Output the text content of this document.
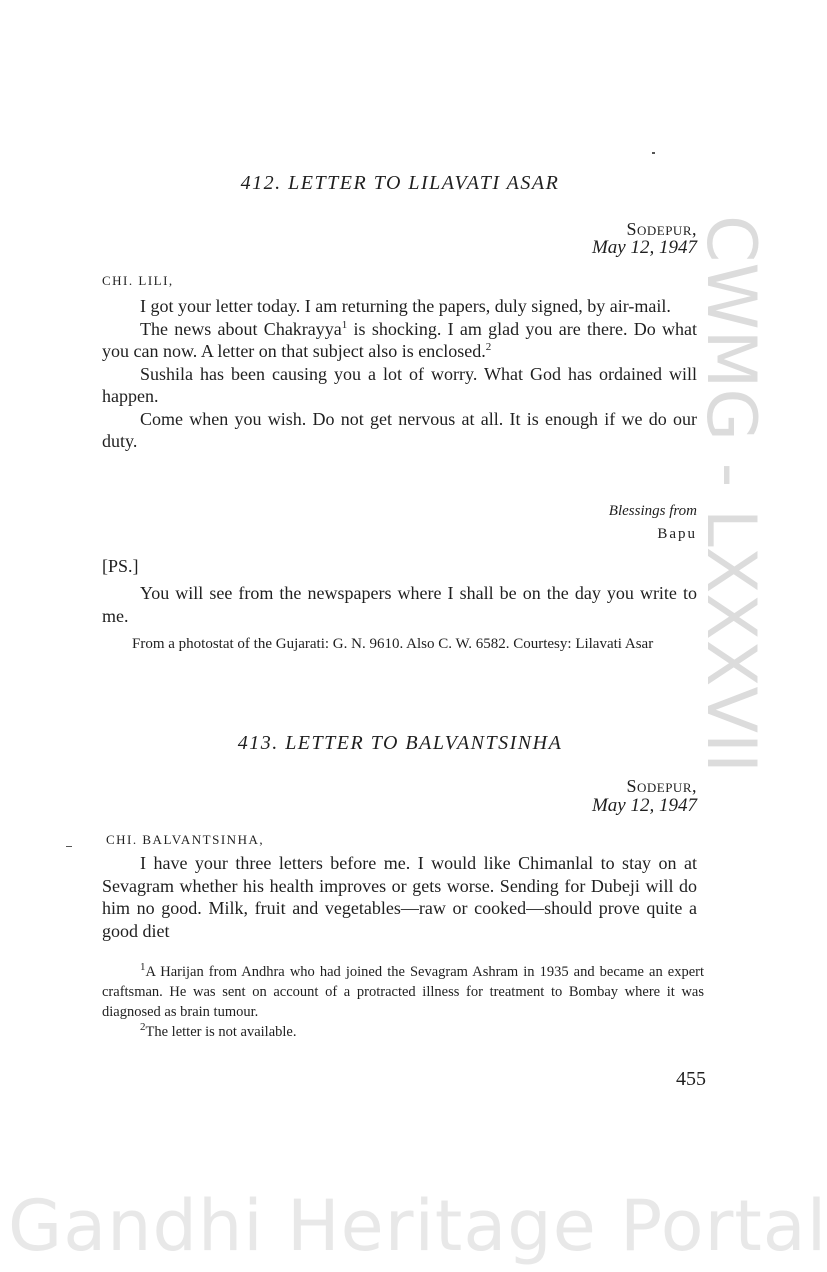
CWMG - LXXXVII
412. LETTER TO LILAVATI ASAR
Sodepur,
May 12, 1947
CHI. LILI,

I got your letter today. I am returning the papers, duly signed, by air-mail.

The news about Chakrayya$^1$ is shocking. I am glad you are there. Do what you can now. A letter on that subject also is enclosed.$^2$

Sushila has been causing you a lot of worry. What God has ordained will happen.

Come when you wish. Do not get nervous at all. It is enough if we do our duty.

Blessings from
Bapu
[PS.]

You will see from the newspapers where I shall be on the day you write to me.

From a photostat of the Gujarati: G. N. 9610. Also C. W. 6582. Courtesy: Lilavati Asar
413. LETTER TO BALVANTSINHA
Sodepur,
May 12, 1947
CHI. BALVANTSINHA,

I have your three letters before me. I would like Chimanlal to stay on at Sevagram whether his health improves or gets worse. Sending for Dubeji will do him no good. Milk, fruit and vegetables—raw or cooked—should prove quite a good diet

$^1$A Harijan from Andhra who had joined the Sevagram Ashram in 1935 and became an expert craftsman. He was sent on account of a protracted illness for treatment to Bombay where it was diagnosed as brain tumour.

$^2$The letter is not available.

455
Gandhi Heritage Portal
